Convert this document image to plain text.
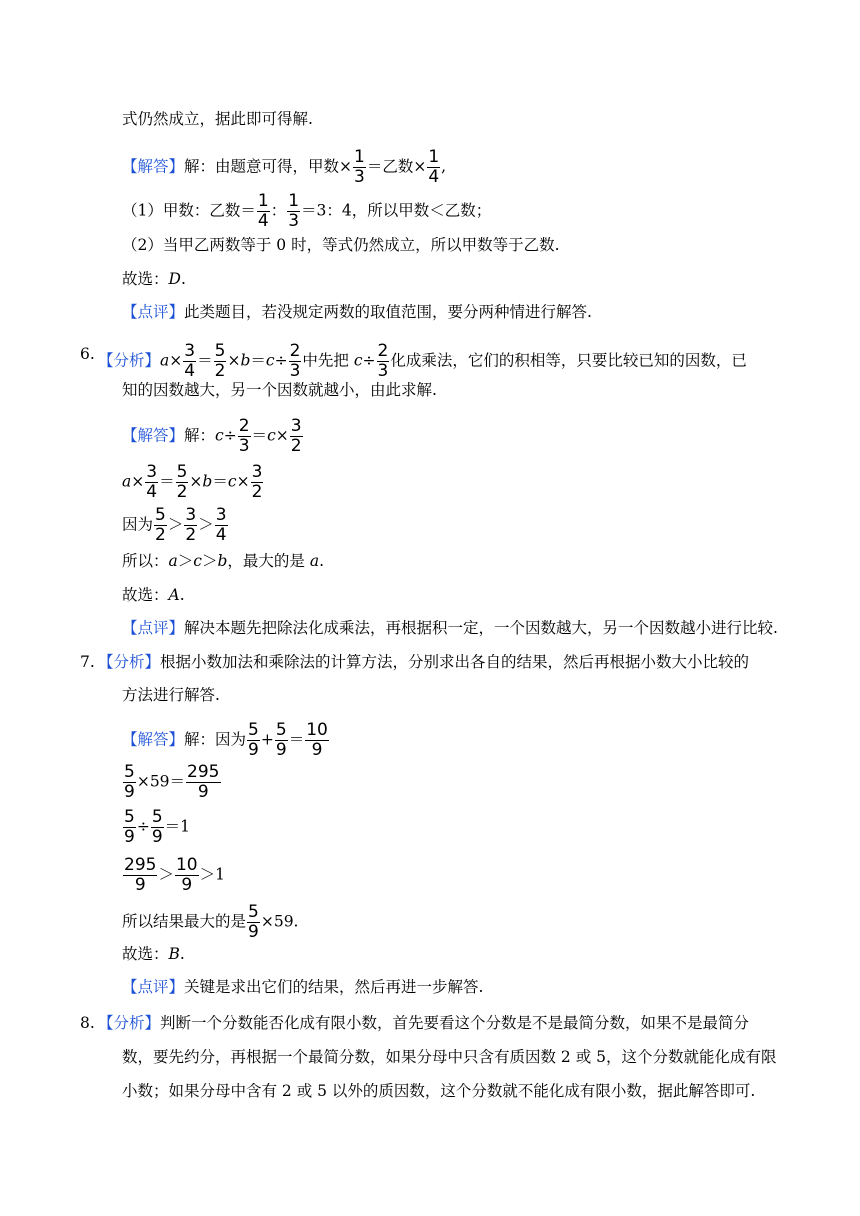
式仍然成立，据此即可得解.
【解答】解：由题意可得，甲数× $\frac{1}{3}$ ＝乙数× $\frac{1}{4}$ ,
（1）甲数：乙数＝ $\frac{1}{4}$ ： $\frac{1}{3} =3$：4，所以甲数＜乙数；
（2）当甲乙两数等于 0 时，等式仍然成立，所以甲数等于乙数.
故选：D.
【点评】此类题目，若没规定两数的取值范围，要分两种情进行解答.
6. 【分析】$a\times \frac{3}{4} = \frac{5}{2} \times b=c\div \frac{2}{3}$ 中先把 $c\div \frac{2}{3}$ 化成乘法，它们的积相等，只要比较已知的因数，已
知的因数越大，另一个因数就越小，由此求解.
【解答】解：$c\div \frac{2}{3} =c\times \frac{3}{2}$
$a\times \frac{3}{4} = \frac{5}{2} \times b=c\times \frac{3}{2}$
因为 $\frac{5}{2} > \frac{3}{2} > \frac{3}{4}$
所以：a＞c＞b，最大的是 a.
故选：A.
【点评】解决本题先把除法化成乘法，再根据积一定，一个因数越大，另一个因数越小进行比较.
7. 【分析】根据小数加法和乘除法的计算方法，分别求出各自的结果，然后再根据小数大小比较的
方法进行解答.
【解答】解：因为 $\frac{5}{9} + \frac{5}{9} = \frac{10}{9}$
$\frac{5}{9} \times 59= \frac{295}{9}$
$\frac{5}{9} \div \frac{5}{9} =1$
$\frac{295}{9} > \frac{10}{9} >1$
所以结果最大的是 $\frac{5}{9} \times 59$.
故选：B.
【点评】关键是求出它们的结果，然后再进一步解答.
8. 【分析】判断一个分数能否化成有限小数，首先要看这个分数是不是最简分数，如果不是最简分
数，要先约分，再根据一个最简分数，如果分母中只含有质因数 2 或 5，这个分数就能化成有限
小数；如果分母中含有 2 或 5 以外的质因数，这个分数就不能化成有限小数，据此解答即可.
